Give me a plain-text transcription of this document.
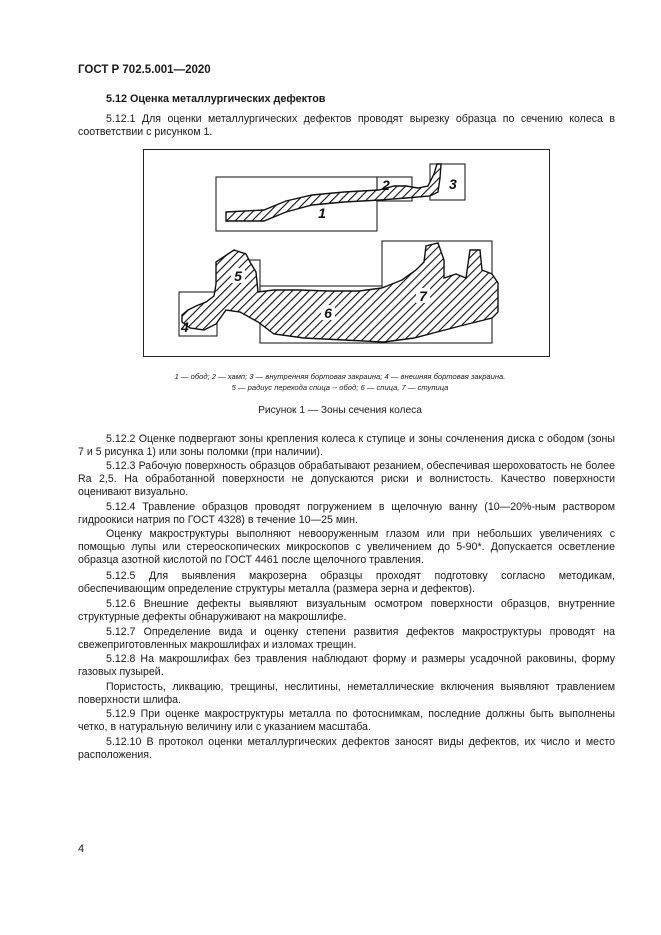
ГОСТ Р 702.5.001—2020
5.12 Оценка металлургических дефектов

5.12.1 Для оценки металлургических дефектов проводят вырезку образца по сечению колеса в соответствии с рисунком 1.

1
2	3
5
4
6
7

1 — обод; 2 — хамп; 3 — внутренняя бортовая закраина; 4 — внешняя бортовая закраина.

5 — радиус перехода спица -- обод; 6 — спица, 7 — ступица

Рисунок 1 — Зоны сечения колеса

5.12.2 Оценке подвергают зоны крепления колеса к ступице и зоны сочленения диска с ободом (зоны 7 и 5 рисунка 1) или зоны поломки (при наличии).

5.12.3 Рабочую поверхность образцов обрабатывают резанием, обеспечивая шероховатость не более Ra 2,5. На обработанной поверхности не допускаются риски и волнистость. Качество поверхности оценивают визуально.

5.12.4 Травление образцов проводят погружением в щелочную ванну (10—20%-ным раствором гидроокиси натрия по ГОСТ 4328) в течение 10—25 мин.

Оценку макроструктуры выполняют невооруженным глазом или при небольших увеличениях с помощью лупы или стереоскопических микроскопов с увеличением до 5-90*. Допускается осветление образца азотной кислотой по ГОСТ 4461 после щелочного травления.

5.12.5 Для выявления макрозерна образцы проходят подготовку согласно методикам, обеспечивающим определение структуры металла (размера зерна и дефектов).

5.12.6 Внешние дефекты выявляют визуальным осмотром поверхности образцов, внутренние структурные дефекты обнаруживают на макрошлифе.

5.12.7 Определение вида и оценку степени развития дефектов макроструктуры проводят на свежеприготовленных макрошлифах и изломах трещин.

5.12.8 На макрошлифах без травления наблюдают форму и размеры усадочной раковины, форму газовых пузырей.

Пористость, ликвацию, трещины, неслитины, неметаллические включения выявляют травлением поверхности шлифа.

5.12.9 При оценке макроструктуры металла по фотоснимкам, последние должны быть выполнены четко, в натуральную величину или с указанием масштаба.

5.12.10 В протокол оценки металлургических дефектов заносят виды дефектов, их число и место расположения.

4
